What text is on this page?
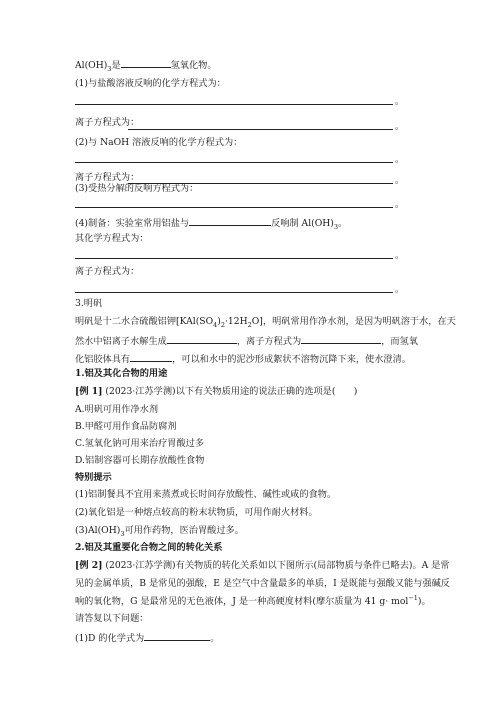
$Al(OH)_3$是	氢氧化物。
(1)与盐酸溶液反响的化学方程式为：
。
离子方程式为：	。
(2)与 NaOH 溶液反响的化学方程式为：
。
离子方程式为：	。
(3)受热分解的反响方程式为：
。
(4)制备：实验室常用铝盐与	反响制 $Al(OH)_3$。
其化学方程式为：
。
离子方程式为：
。
3.明矾
明矾是十二水合硫酸铝钾$[KAl(SO_4)_2\cdot 12H_2O]$，明矾常用作净水剂，是因为明矾溶于水，在天
然水中铝离子水解生成	，离子方程式为	，而氢氧
化铝胶体具有	，可以和水中的泥沙形成絮状不溶物沉降下来，使水澄清。
1.铝及其化合物的用途
[例 1] (2023·江苏学测)以下有关物质用途的说法正确的选项是(　　)
A.明矾可用作净水剂
B.甲醛可用作食品防腐剂
C.氢氧化钠可用来治疗胃酸过多
D.铝制容器可长期存放酸性食物
特别提示
(1)铝制餐具不宜用来蒸煮或长时间存放酸性、碱性或咸的食物。
(2)氧化铝是一种熔点较高的粉末状物质，可用作耐火材料。
$(3)Al(OH)_3$可用作药物，医治胃酸过多。
2.铝及其重要化合物之间的转化关系
[例 2] (2023·江苏学测)有关物质的转化关系如以下图所示(局部物质与条件已略去)。A 是常
见的金属单质，B 是常见的强酸，E 是空气中含量最多的单质，I 是既能与强酸又能与强碱反
响的氧化物，G 是最常见的无色液体，J 是一种高硬度材料(摩尔质量为 41 g· mol$^{-1}$)。
请答复以下问题：
(1)D 的化学式为	。
